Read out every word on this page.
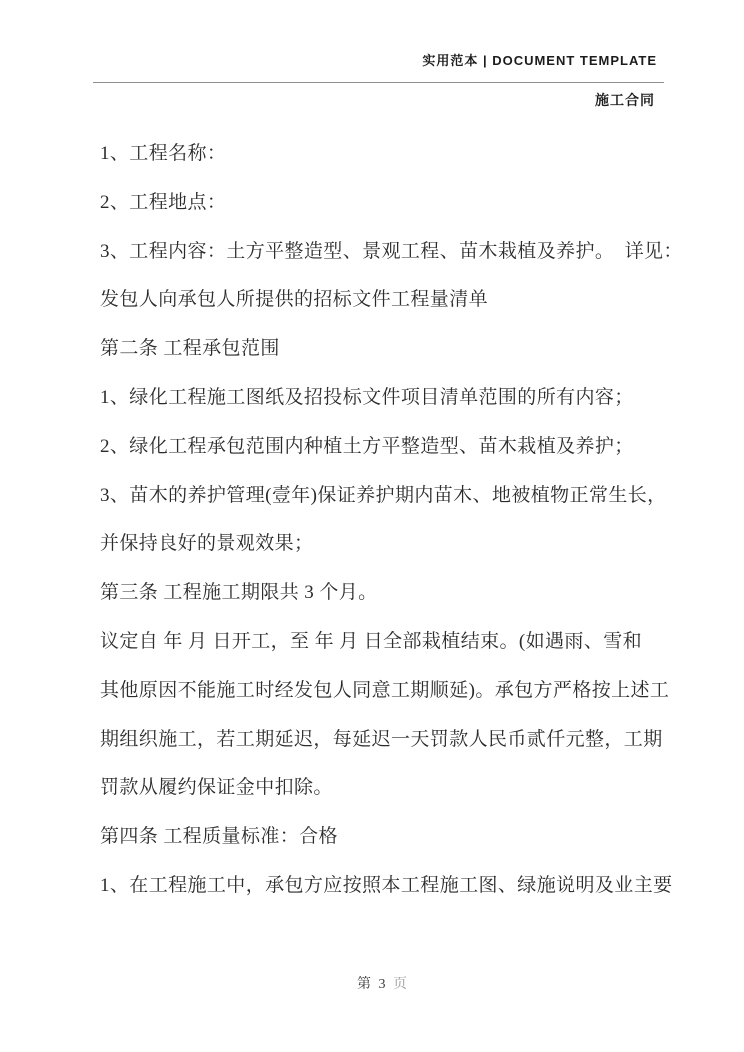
实用范本 | DOCUMENT TEMPLATE
施工合同
1、工程名称：
2、工程地点：
3、工程内容：土方平整造型、景观工程、苗木栽植及养护。  详见：
发包人向承包人所提供的招标文件工程量清单
第二条 工程承包范围
1、绿化工程施工图纸及招投标文件项目清单范围的所有内容；
2、绿化工程承包范围内种植土方平整造型、苗木栽植及养护；
3、苗木的养护管理(壹年)保证养护期内苗木、地被植物正常生长，
并保持良好的景观效果；
第三条 工程施工期限共 3 个月。
议定自 年 月 日开工，至 年 月 日全部栽植结束。(如遇雨、雪和
其他原因不能施工时经发包人同意工期顺延)。承包方严格按上述工
期组织施工，若工期延迟，每延迟一天罚款人民币贰仟元整，工期
罚款从履约保证金中扣除。
第四条 工程质量标准：合格
1、在工程施工中，承包方应按照本工程施工图、绿施说明及业主要

第 3 页
